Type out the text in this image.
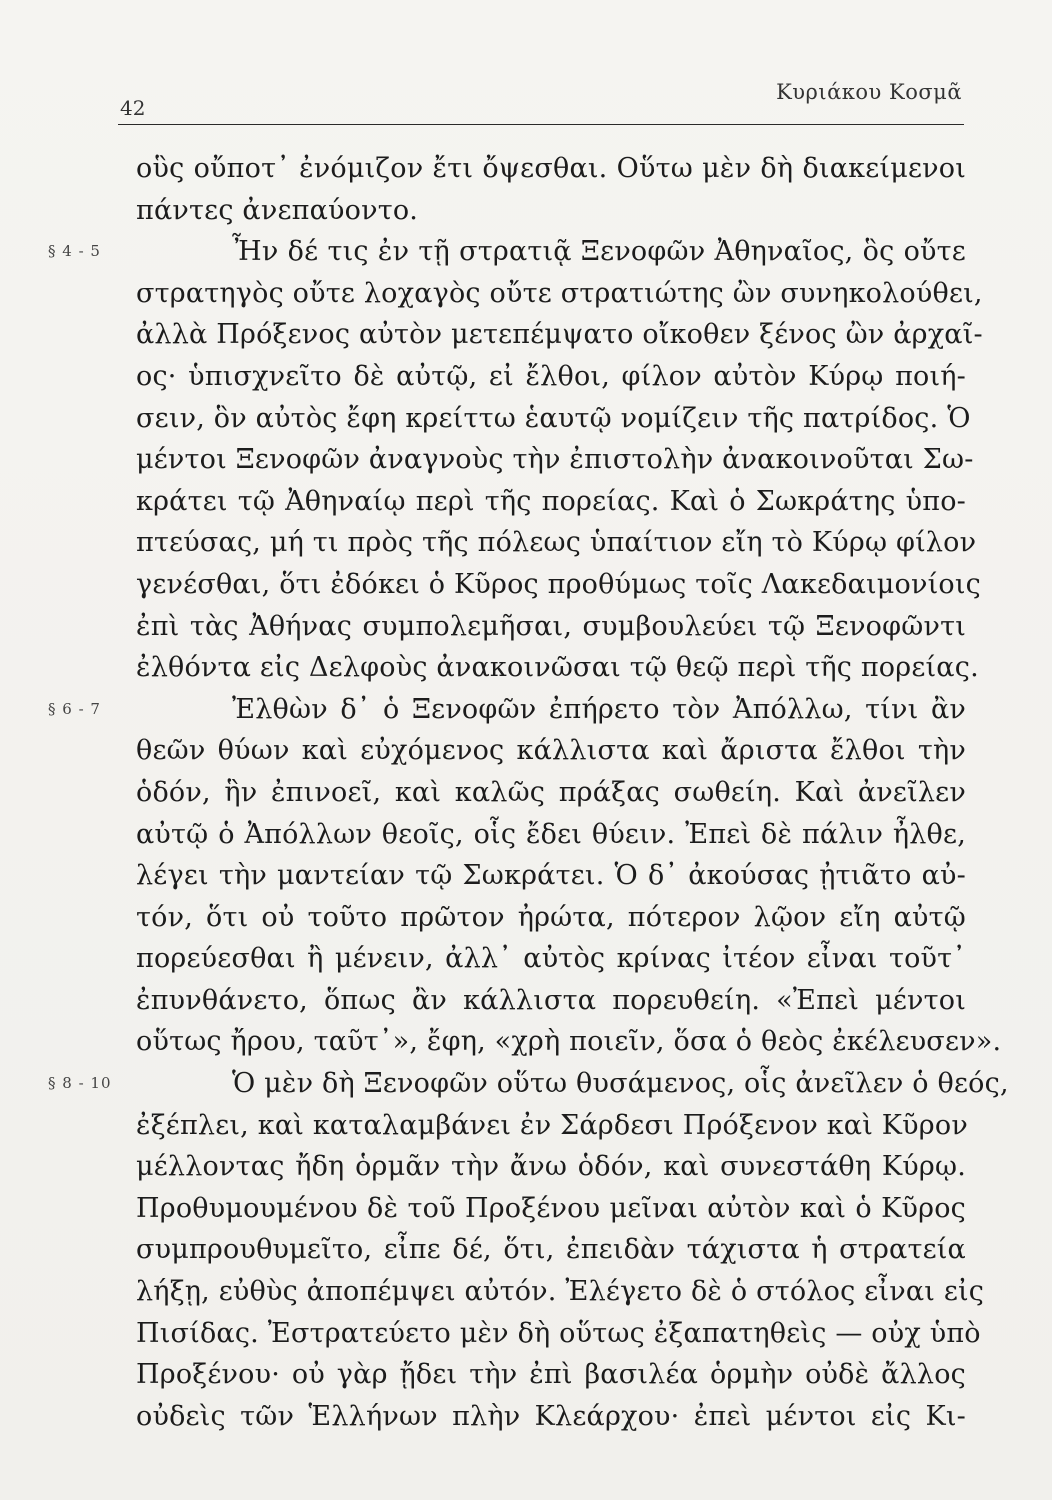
42
Κυριάκου Κοσμᾶ
οὓς οὔποτ᾽ ἐνόμιζον ἔτι ὄψεσθαι. Οὕτω μὲν δὴ διακείμενοι
πάντες ἀνεπαύοντο.
§ 4 - 5	Ἦν δέ τις ἐν τῇ στρατιᾷ Ξενοφῶν Ἀθηναῖος, ὃς οὔτε
στρατηγὸς οὔτε λοχαγὸς οὔτε στρατιώτης ὢν συνηκολούθει,
ἀλλὰ Πρόξενος αὐτὸν μετεπέμψατο οἴκοθεν ξένος ὢν ἀρχαῖ-
ος· ὑπισχνεῖτο δὲ αὐτῷ, εἰ ἔλθοι, φίλον αὐτὸν Κύρῳ ποιή-
σειν, ὃν αὐτὸς ἔφη κρείττω ἑαυτῷ νομίζειν τῆς πατρίδος. Ὁ
μέντοι Ξενοφῶν ἀναγνοὺς τὴν ἐπιστολὴν ἀνακοινοῦται Σω-
κράτει τῷ Ἀθηναίῳ περὶ τῆς πορείας. Καὶ ὁ Σωκράτης ὑπο-
πτεύσας, μή τι πρὸς τῆς πόλεως ὑπαίτιον εἴη τὸ Κύρῳ φίλον
γενέσθαι, ὅτι ἐδόκει ὁ Κῦρος προθύμως τοῖς Λακεδαιμονίοις
ἐπὶ τὰς Ἀθήνας συμπολεμῆσαι, συμβουλεύει τῷ Ξενοφῶντι
ἐλθόντα εἰς Δελφοὺς ἀνακοινῶσαι τῷ θεῷ περὶ τῆς πορείας.
§ 6 - 7	Ἐλθὼν δ᾽ ὁ Ξενοφῶν ἐπήρετο τὸν Ἀπόλλω, τίνι ἂν
θεῶν θύων καὶ εὐχόμενος κάλλιστα καὶ ἄριστα ἔλθοι τὴν
ὁδόν, ἣν ἐπινοεῖ, καὶ καλῶς πράξας σωθείη. Καὶ ἀνεῖλεν
αὐτῷ ὁ Ἀπόλλων θεοῖς, οἷς ἔδει θύειν. Ἐπεὶ δὲ πάλιν ἦλθε,
λέγει τὴν μαντείαν τῷ Σωκράτει. Ὁ δ᾽ ἀκούσας ᾐτιᾶτο αὐ-
τόν, ὅτι οὐ τοῦτο πρῶτον ἠρώτα, πότερον λῷον εἴη αὐτῷ
πορεύεσθαι ἢ μένειν, ἀλλ᾽ αὐτὸς κρίνας ἰτέον εἶναι τοῦτ᾽
ἐπυνθάνετο, ὅπως ἂν κάλλιστα πορευθείη. «Ἐπεὶ μέντοι
οὕτως ἤρου, ταῦτ᾽», ἔφη, «χρὴ ποιεῖν, ὅσα ὁ θεὸς ἐκέλευσεν».
§ 8 - 10	Ὁ μὲν δὴ Ξενοφῶν οὕτω θυσάμενος, οἷς ἀνεῖλεν ὁ θεός,
ἐξέπλει, καὶ καταλαμβάνει ἐν Σάρδεσι Πρόξενον καὶ Κῦρον
μέλλοντας ἤδη ὁρμᾶν τὴν ἄνω ὁδόν, καὶ συνεστάθη Κύρῳ.
Προθυμουμένου δὲ τοῦ Προξένου μεῖναι αὐτὸν καὶ ὁ Κῦρος
συμπρουθυμεῖτο, εἶπε δέ, ὅτι, ἐπειδὰν τάχιστα ἡ στρατεία
λήξῃ, εὐθὺς ἀποπέμψει αὐτόν. Ἐλέγετο δὲ ὁ στόλος εἶναι εἰς
Πισίδας. Ἐστρατεύετο μὲν δὴ οὕτως ἐξαπατηθεὶς — οὐχ ὑπὸ
Προξένου· οὐ γὰρ ᾔδει τὴν ἐπὶ βασιλέα ὁρμὴν οὐδὲ ἄλλος
οὐδεὶς τῶν Ἑλλήνων πλὴν Κλεάρχου· ἐπεὶ μέντοι εἰς Κι-
